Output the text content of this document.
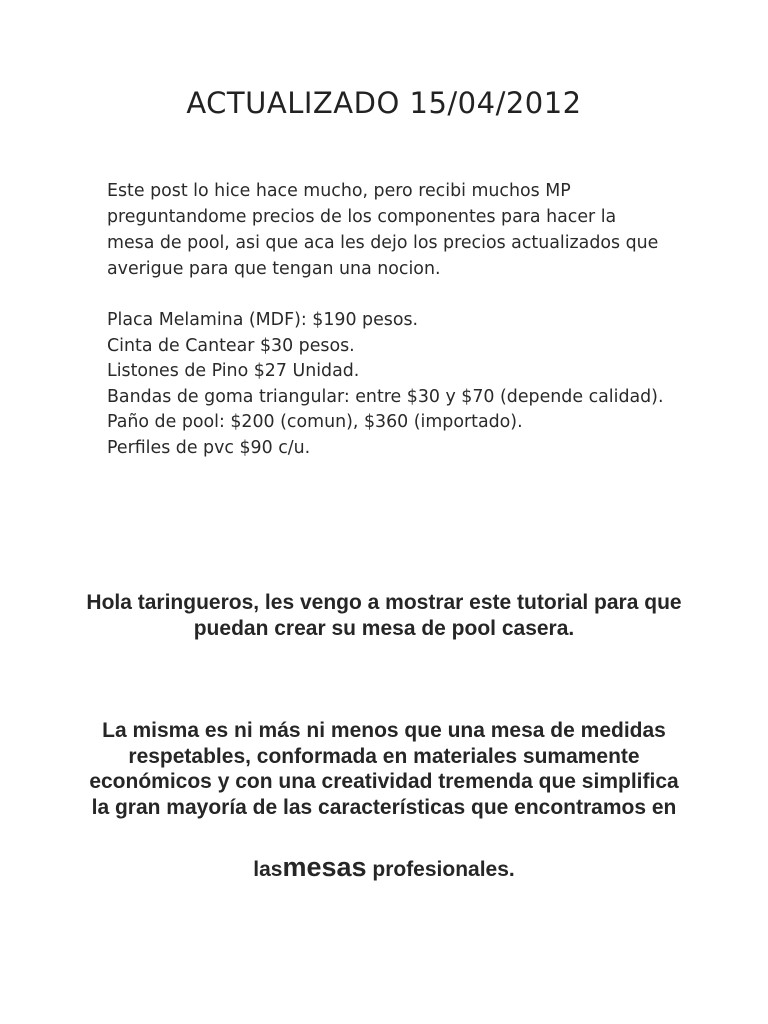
ACTUALIZADO 15/04/2012

Este post lo hice hace mucho, pero recibi muchos MP preguntandome precios de los componentes para hacer la mesa de pool, asi que aca les dejo los precios actualizados que averigue para que tengan una nocion.

Placa Melamina (MDF): $190 pesos.
Cinta de Cantear $30 pesos.
Listones de Pino $27 Unidad.
Bandas de goma triangular: entre $30 y $70 (depende calidad).
Paño de pool: $200 (comun), $360 (importado).
Perfiles de pvc $90 c/u.

Hola taringueros, les vengo a mostrar este tutorial para que puedan crear su mesa de pool casera.

La misma es ni más ni menos que una mesa de medidas respetables, conformada en materiales sumamente económicos y con una creatividad tremenda que simplifica la gran mayoría de las características que encontramos en

lasmesas profesionales.
